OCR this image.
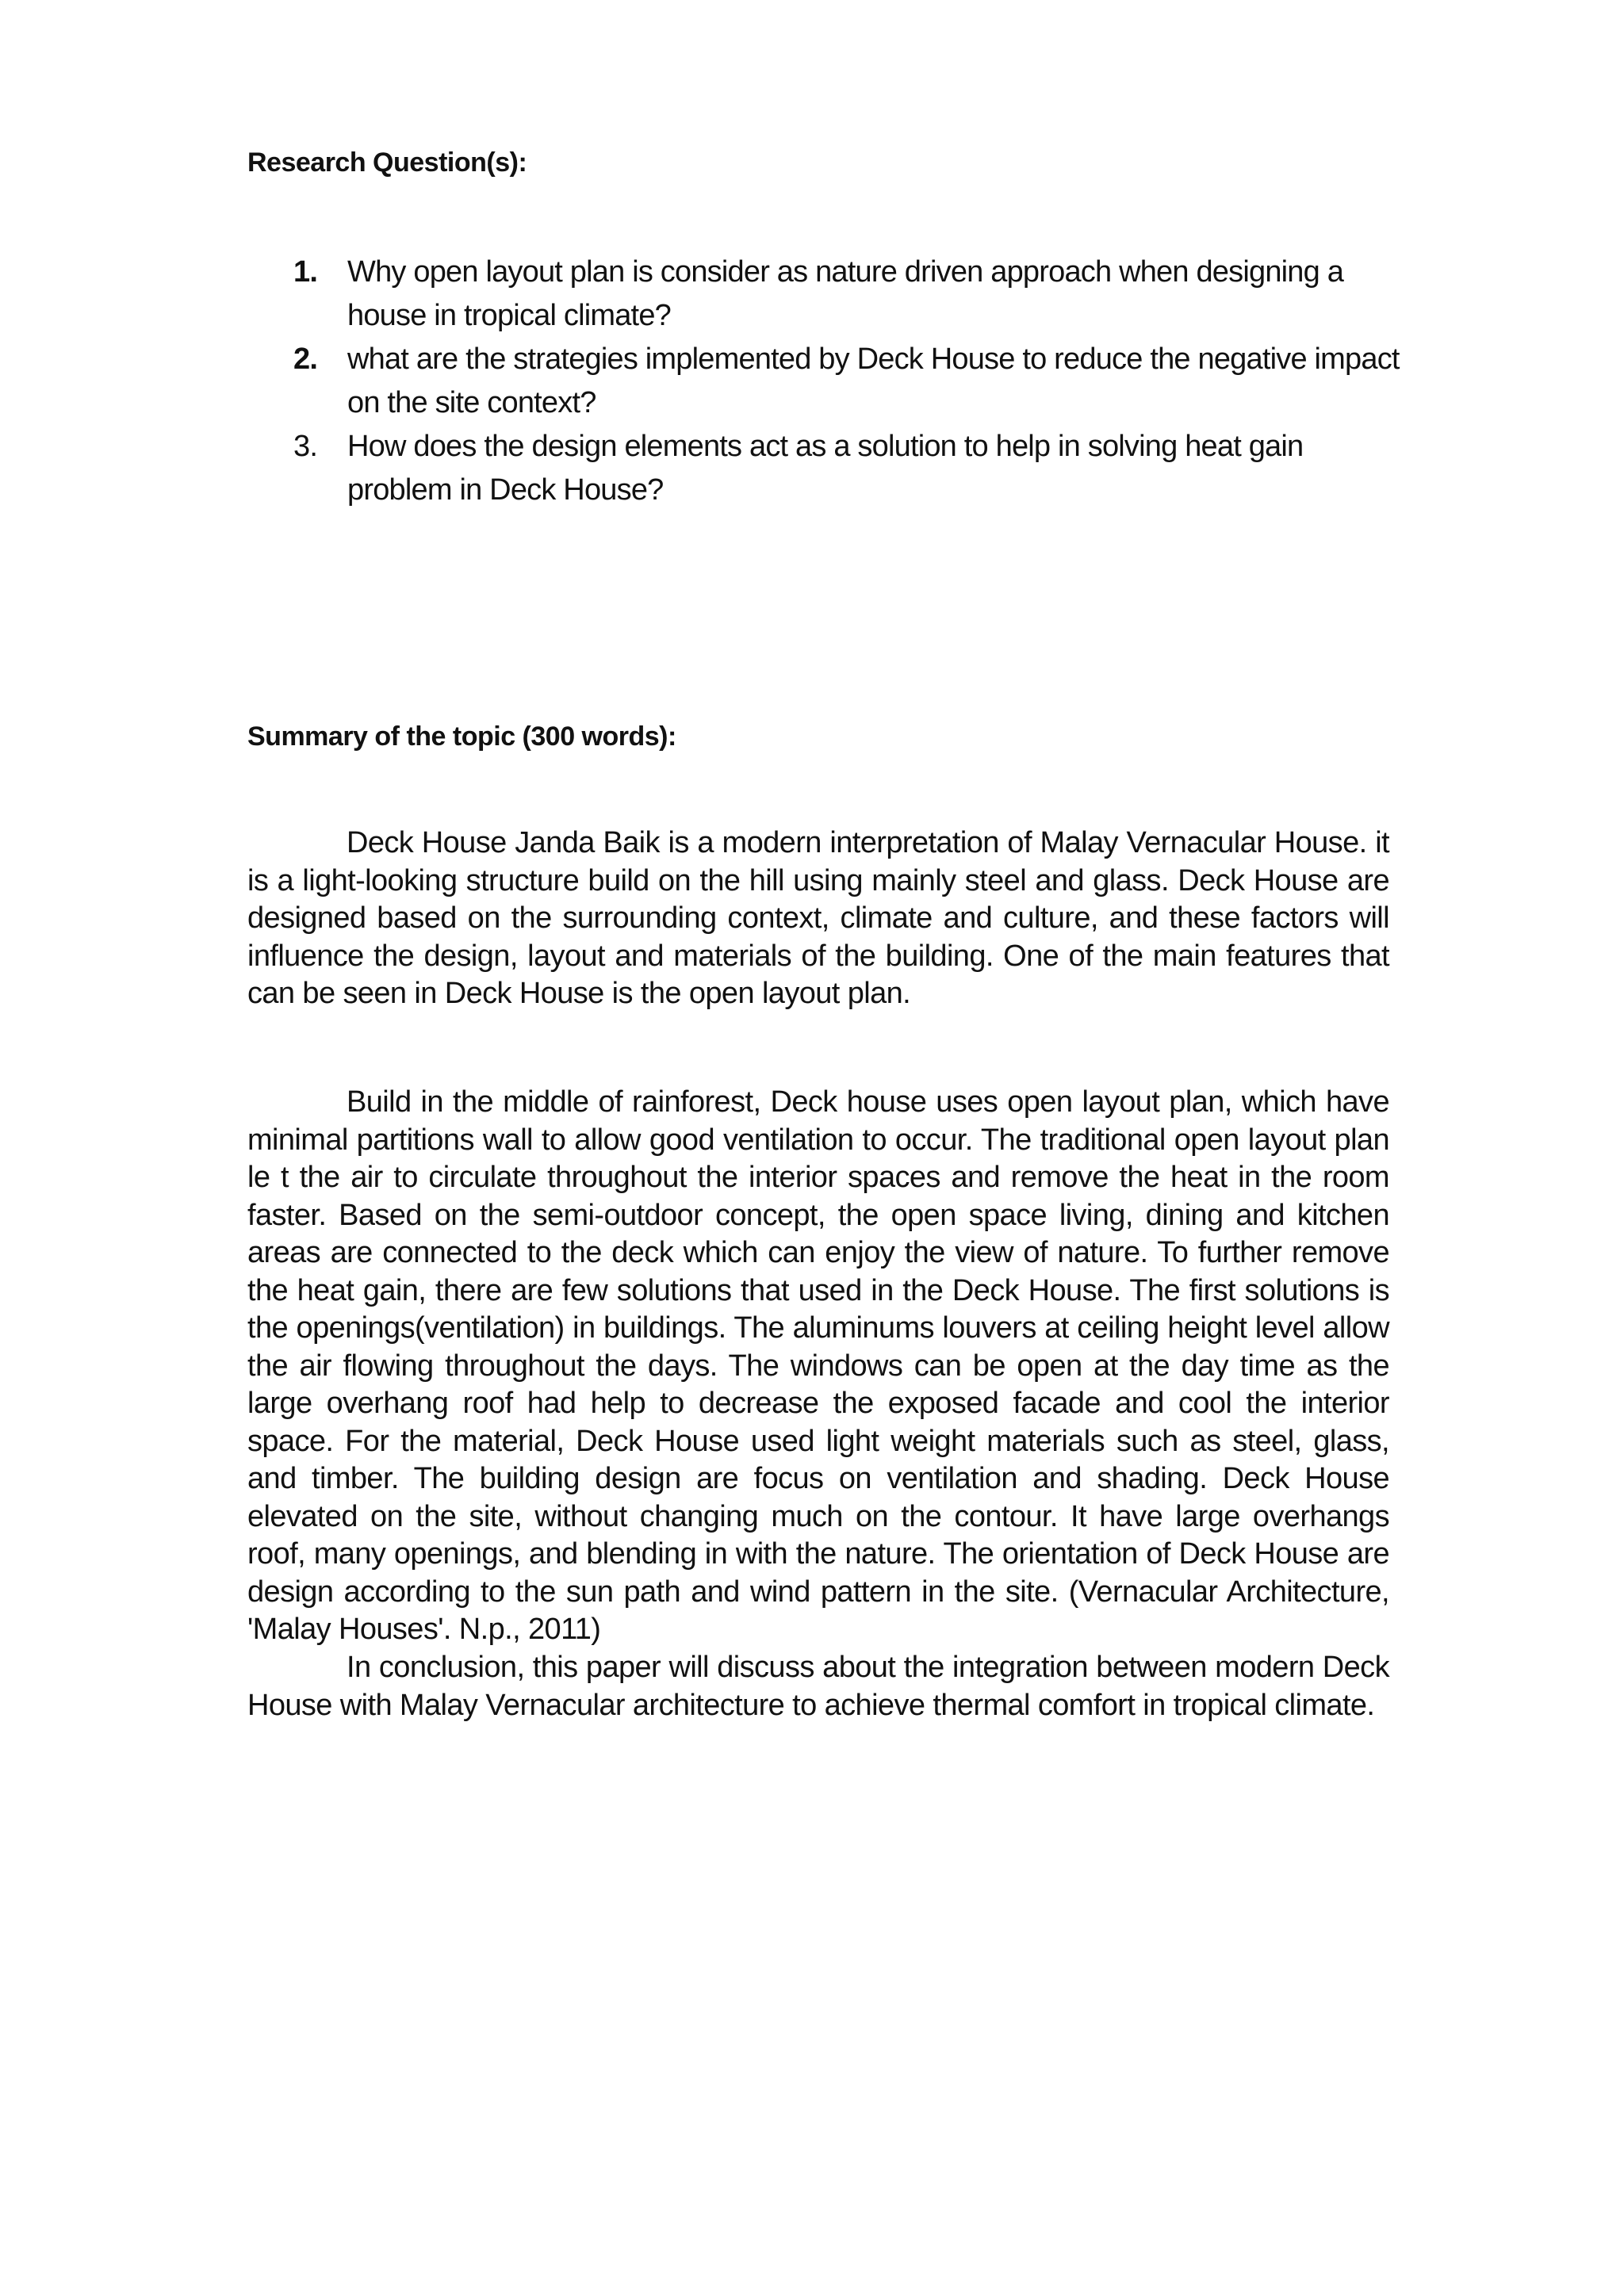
Research Question(s):
1. Why open layout plan is consider as nature driven approach when designing a house in tropical climate?
2. what are the strategies implemented by Deck House to reduce the negative impact on the site context?
3. How does the design elements act as a solution to help in solving heat gain problem in Deck House?
Summary of the topic (300 words):

Deck House Janda Baik is a modern interpretation of Malay Vernacular House. it is a light-looking structure build on the hill using mainly steel and glass. Deck House are designed based on the surrounding context, climate and culture, and these factors will influence the design, layout and materials of the building. One of the main features that can be seen in Deck House is the open layout plan.

Build in the middle of rainforest, Deck house uses open layout plan, which have minimal partitions wall to allow good ventilation to occur. The traditional open layout plan le t the air to circulate throughout the interior spaces and remove the heat in the room faster. Based on the semi-outdoor concept, the open space living, dining and kitchen areas are connected to the deck which can enjoy the view of nature. To further remove the heat gain, there are few solutions that used in the Deck House. The first solutions is the openings(ventilation) in buildings. The aluminums louvers at ceiling height level allow the air flowing throughout the days. The windows can be open at the day time as the large overhang roof had help to decrease the exposed facade and cool the interior space. For the material, Deck House used light weight materials such as steel, glass, and timber. The building design are focus on ventilation and shading. Deck House elevated on the site, without changing much on the contour. It have large overhangs roof, many openings, and blending in with the nature. The orientation of Deck House are design according to the sun path and wind pattern in the site. (Vernacular Architecture, 'Malay Houses'. N.p., 2011)

In conclusion, this paper will discuss about the integration between modern Deck House with Malay Vernacular architecture to achieve thermal comfort in tropical climate.
